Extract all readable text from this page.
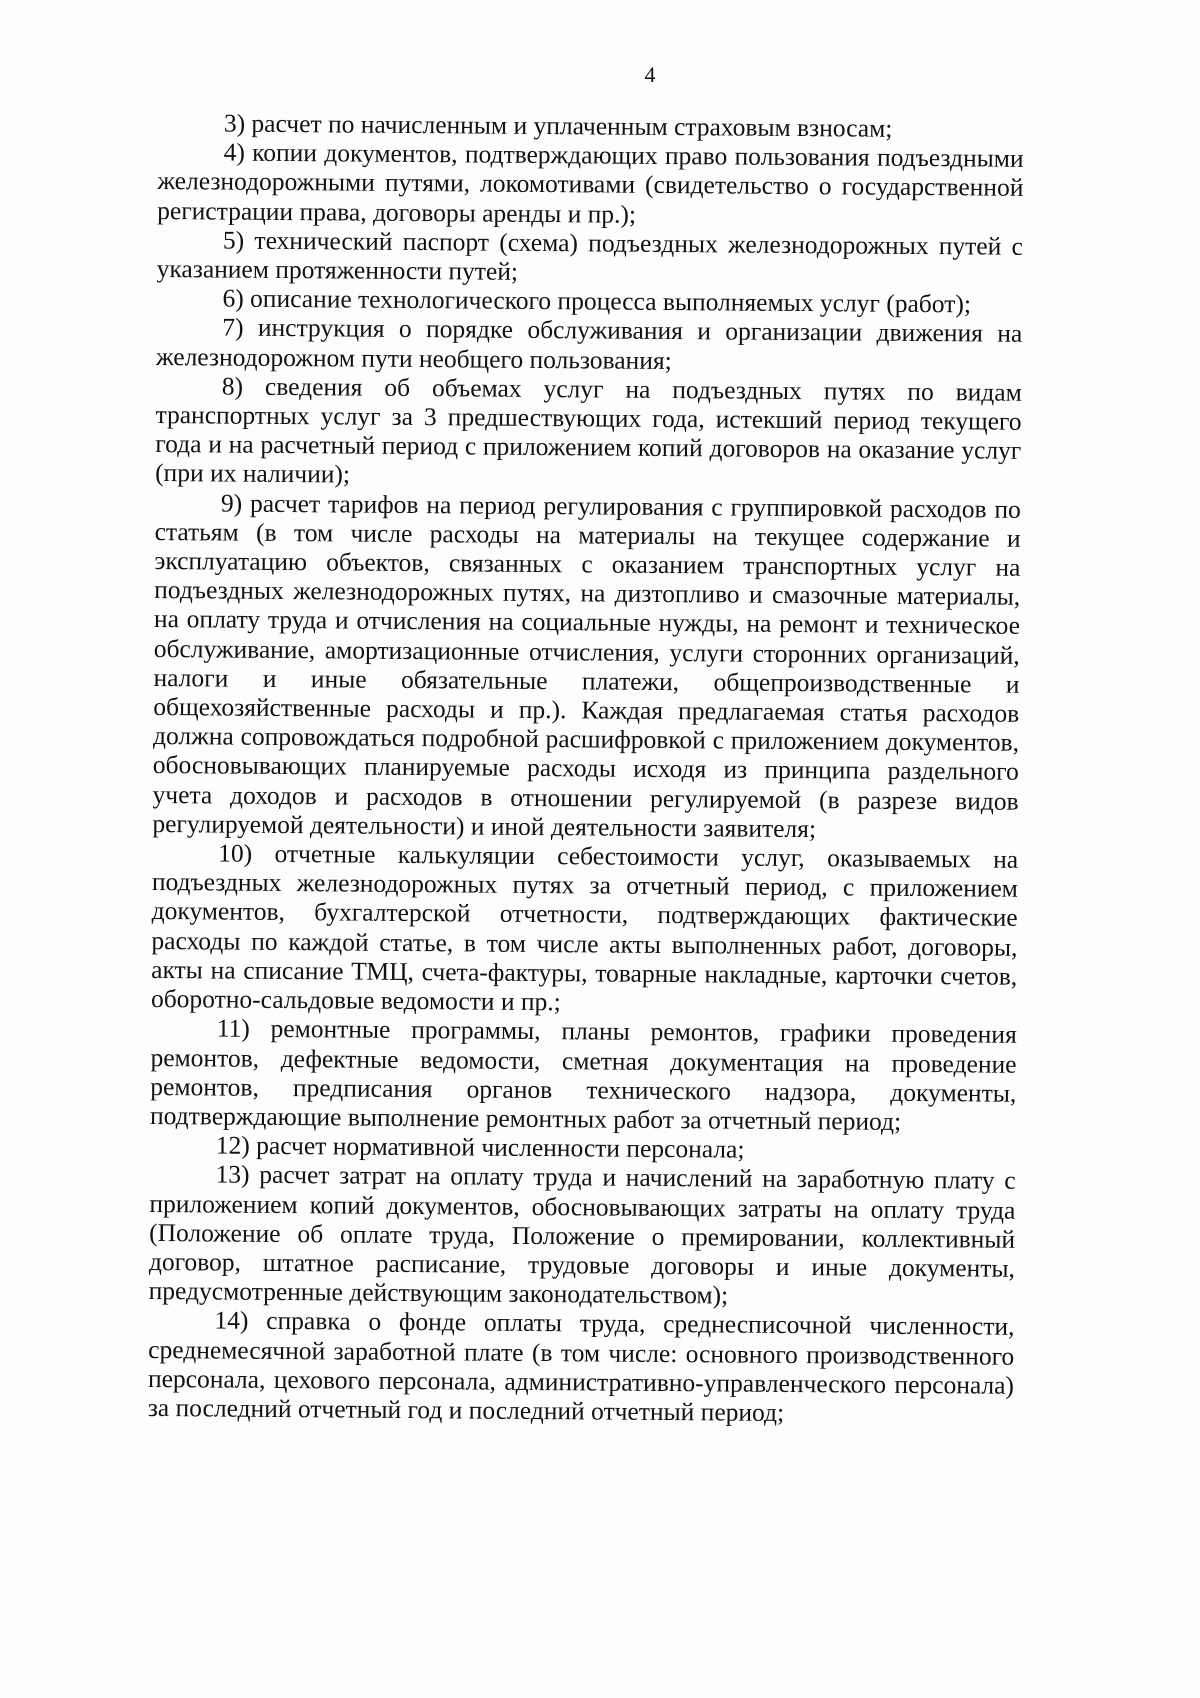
4

3) расчет по начисленным и уплаченным страховым взносам;

4) копии документов, подтверждающих право пользования подъездными железнодорожными путями, локомотивами (свидетельство о государственной регистрации права, договоры аренды и пр.);

5) технический паспорт (схема) подъездных железнодорожных путей с указанием протяженности путей;

6) описание технологического процесса выполняемых услуг (работ);

7) инструкция о порядке обслуживания и организации движения на железнодорожном пути необщего пользования;

8) сведения об объемах услуг на подъездных путях по видам транспортных услуг за 3 предшествующих года, истекший период текущего года и на расчетный период с приложением копий договоров на оказание услуг (при их наличии);

9) расчет тарифов на период регулирования с группировкой расходов по статьям (в том числе расходы на материалы на текущее содержание и эксплуатацию объектов, связанных с оказанием транспортных услуг на подъездных железнодорожных путях, на дизтопливо и смазочные материалы, на оплату труда и отчисления на социальные нужды, на ремонт и техническое обслуживание, амортизационные отчисления, услуги сторонних организаций, налоги и иные обязательные платежи, общепроизводственные и общехозяйственные расходы и пр.). Каждая предлагаемая статья расходов должна сопровождаться подробной расшифровкой с приложением документов, обосновывающих планируемые расходы исходя из принципа раздельного учета доходов и расходов в отношении регулируемой (в разрезе видов регулируемой деятельности) и иной деятельности заявителя;

10) отчетные калькуляции себестоимости услуг, оказываемых на подъездных железнодорожных путях за отчетный период, с приложением документов, бухгалтерской отчетности, подтверждающих фактические расходы по каждой статье, в том числе акты выполненных работ, договоры, акты на списание ТМЦ, счета-фактуры, товарные накладные, карточки счетов, оборотно-сальдовые ведомости и пр.;

11) ремонтные программы, планы ремонтов, графики проведения ремонтов, дефектные ведомости, сметная документация на проведение ремонтов, предписания органов технического надзора, документы, подтверждающие выполнение ремонтных работ за отчетный период;

12) расчет нормативной численности персонала;

13) расчет затрат на оплату труда и начислений на заработную плату с приложением копий документов, обосновывающих затраты на оплату труда (Положение об оплате труда, Положение о премировании, коллективный договор, штатное расписание, трудовые договоры и иные документы, предусмотренные действующим законодательством);

14) справка о фонде оплаты труда, среднесписочной численности, среднемесячной заработной плате (в том числе: основного производственного персонала, цехового персонала, административно-управленческого персонала) за последний отчетный год и последний отчетный период;
